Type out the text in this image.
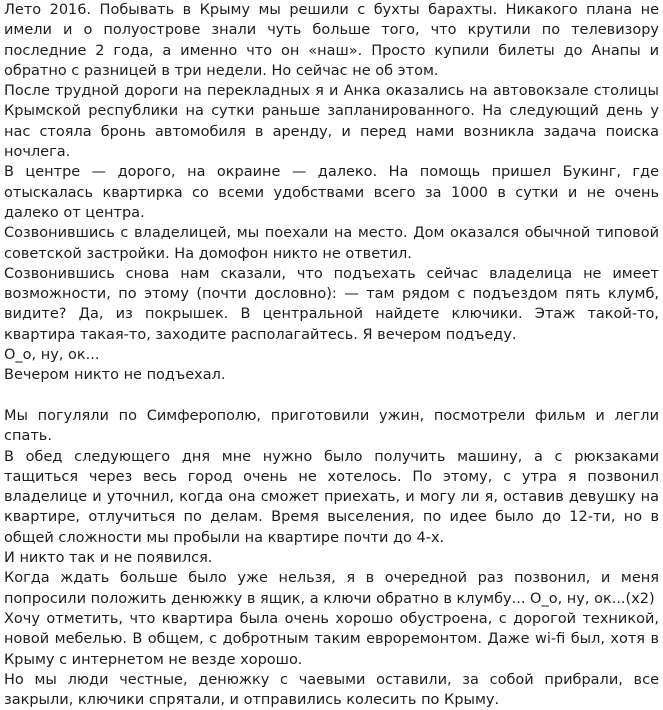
Лето 2016. Побывать в Крыму мы решили с бухты барахты. Никакого плана не имели и о полуострове знали чуть больше того, что крутили по телевизору последние 2 года, а именно что он «наш». Просто купили билеты до Анапы и обратно с разницей в три недели. Но сейчас не об этом.

После трудной дороги на перекладных я и Анка оказались на автовокзале столицы Крымской республики на сутки раньше запланированного. На следующий день у нас стояла бронь автомобиля в аренду, и перед нами возникла задача поиска ночлега.

В центре — дорого, на окраине — далеко. На помощь пришел Букинг, где отыскалась квартирка со всеми удобствами всего за 1000 в сутки и не очень далеко от центра.

Созвонившись с владелицей, мы поехали на место. Дом оказался обычной типовой советской застройки. На домофон никто не ответил.

Созвонившись снова нам сказали, что подъехать сейчас владелица не имеет возможности, по этому (почти дословно): — там рядом с подъездом пять клумб, видите? Да, из покрышек. В центральной найдете ключики. Этаж такой-то, квартира такая-то, заходите располагайтесь. Я вечером подъеду.

О_о, ну, ок...

Вечером никто не подъехал.

Мы погуляли по Симферополю, приготовили ужин, посмотрели фильм и легли спать.

В обед следующего дня мне нужно было получить машину, а с рюкзаками тащиться через весь город очень не хотелось. По этому, с утра я позвонил владелице и уточнил, когда она сможет приехать, и могу ли я, оставив девушку на квартире, отлучиться по делам. Время выселения, по идее было до 12-ти, но в общей сложности мы пробыли на квартире почти до 4-х.

И никто так и не появился.

Когда ждать больше было уже нельзя, я в очередной раз позвонил, и меня попросили положить денюжку в ящик, а ключи обратно в клумбу... О_о, ну, ок...(х2)

Хочу отметить, что квартира была очень хорошо обустроена, с дорогой техникой, новой мебелью. В общем, с добротным таким евроремонтом. Даже wi-fi был, хотя в Крыму с интернетом не везде хорошо.

Но мы люди честные, денюжку с чаевыми оставили, за собой прибрали, все закрыли, ключики спрятали, и отправились колесить по Крыму.
